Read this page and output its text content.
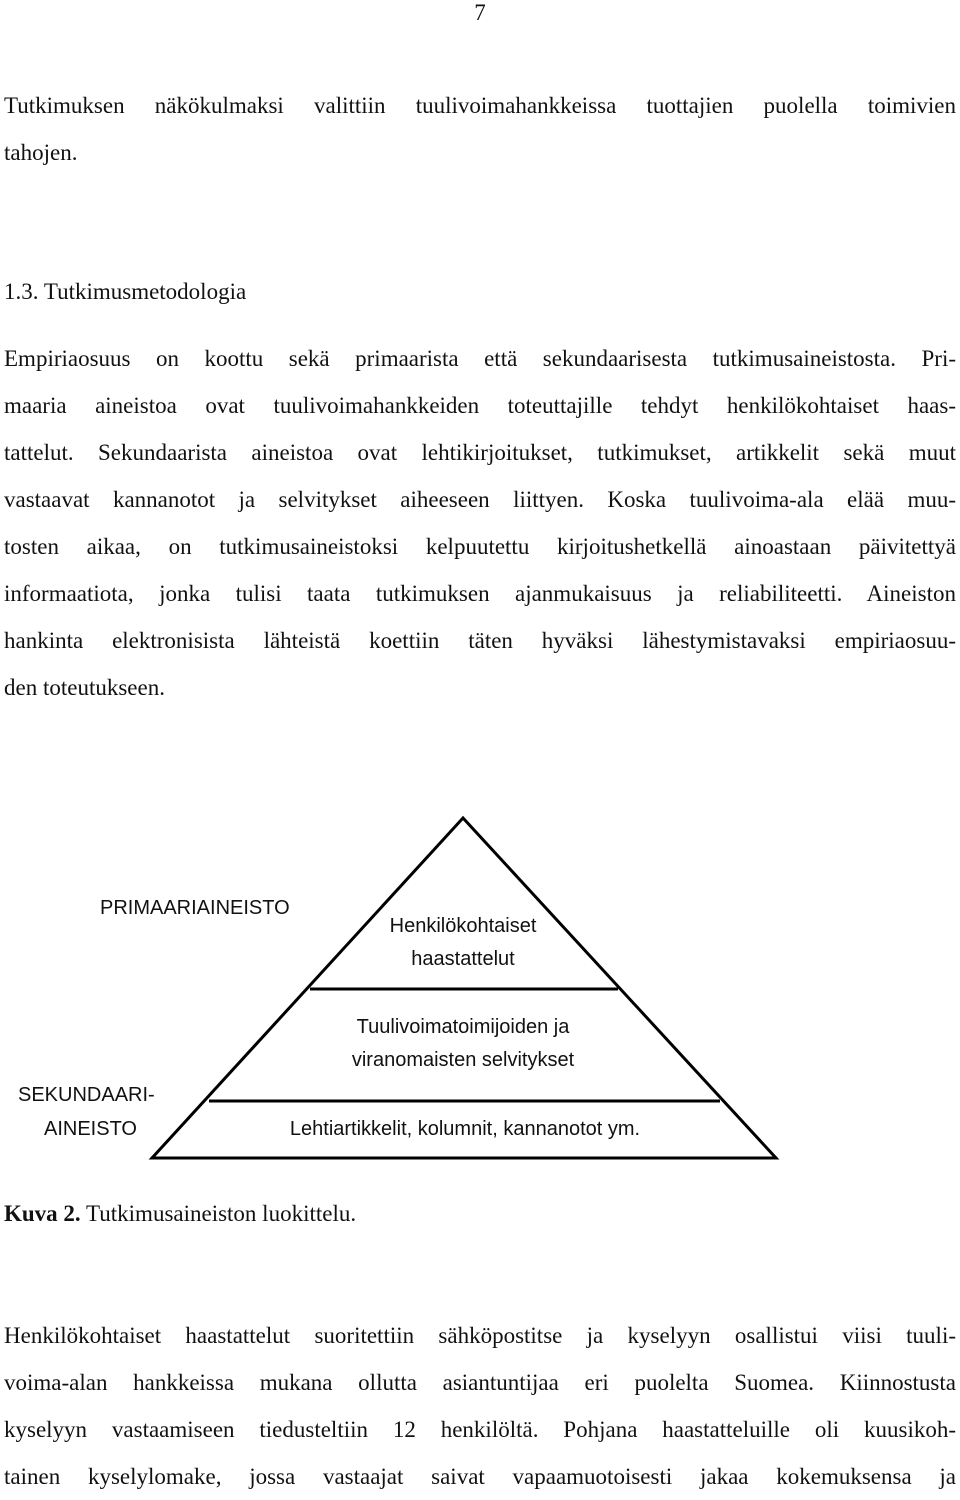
7
Tutkimuksen näkökulmaksi valittiin tuulivoimahankkeissa tuottajien puolella toimivien
tahojen.
1.3. Tutkimusmetodologia
Empiriaosuus on koottu sekä primaarista että sekundaarisesta tutkimusaineistosta. Pri-
maaria aineistoa ovat tuulivoimahankkeiden toteuttajille tehdyt henkilökohtaiset haas-
tattelut. Sekundaarista aineistoa ovat lehtikirjoitukset, tutkimukset, artikkelit sekä muut
vastaavat kannanotot ja selvitykset aiheeseen liittyen. Koska tuulivoima-ala elää muu-
tosten aikaa, on tutkimusaineistoksi kelpuutettu kirjoitushetkellä ainoastaan päivitettyä
informaatiota, jonka tulisi taata tutkimuksen ajanmukaisuus ja reliabiliteetti. Aineiston
hankinta elektronisista lähteistä koettiin täten hyväksi lähestymistavaksi empiriaosuu-
den toteutukseen.
PRIMAARIAINEISTO
SEKUNDAARI-
AINEISTO
Henkilökohtaiset
haastattelut
Tuulivoimatoimijoiden ja
viranomaisten selvitykset
Lehtiartikkelit, kolumnit, kannanotot ym.
Kuva 2. Tutkimusaineiston luokittelu.
Henkilökohtaiset haastattelut suoritettiin sähköpostitse ja kyselyyn osallistui viisi tuuli-
voima-alan hankkeissa mukana ollutta asiantuntijaa eri puolelta Suomea. Kiinnostusta
kyselyyn vastaamiseen tiedusteltiin 12 henkilöltä. Pohjana haastatteluille oli kuusikoh-
tainen kyselylomake, jossa vastaajat saivat vapaamuotoisesti jakaa kokemuksensa ja
